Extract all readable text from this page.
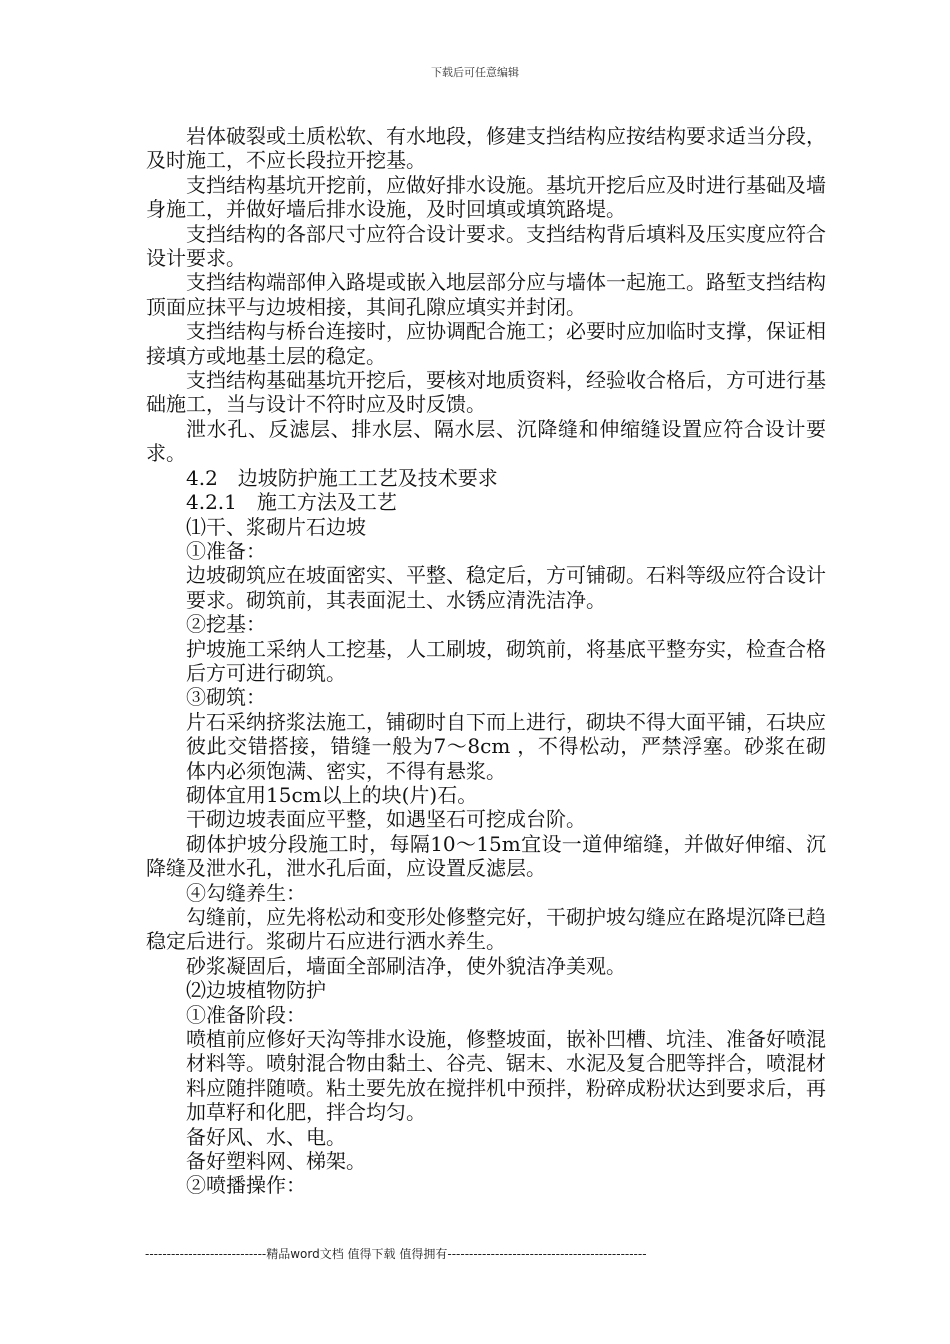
下载后可任意编辑

岩体破裂或土质松软、有水地段，修建支挡结构应按结构要求适当分段，及时施工，不应长段拉开挖基。

支挡结构基坑开挖前，应做好排水设施。基坑开挖后应及时进行基础及墙身施工，并做好墙后排水设施，及时回填或填筑路堤。

支挡结构的各部尺寸应符合设计要求。支挡结构背后填料及压实度应符合设计要求。

支挡结构端部伸入路堤或嵌入地层部分应与墙体一起施工。路堑支挡结构顶面应抹平与边坡相接，其间孔隙应填实并封闭。

支挡结构与桥台连接时，应协调配合施工；必要时应加临时支撑，保证相接填方或地基土层的稳定。

支挡结构基础基坑开挖后，要核对地质资料，经验收合格后，方可进行基础施工，当与设计不符时应及时反馈。

泄水孔、反滤层、排水层、隔水层、沉降缝和伸缩缝设置应符合设计要求。

4.2　边坡防护施工工艺及技术要求

4.2.1　施工方法及工艺

⑴干、浆砌片石边坡

①准备：

边坡砌筑应在坡面密实、平整、稳定后，方可铺砌。石料等级应符合设计要求。砌筑前，其表面泥土、水锈应清洗洁净。

②挖基：

护坡施工采纳人工挖基，人工刷坡，砌筑前，将基底平整夯实，检查合格后方可进行砌筑。

③砌筑：

片石采纳挤浆法施工，铺砌时自下而上进行，砌块不得大面平铺，石块应彼此交错搭接，错缝一般为7～8cm ，不得松动，严禁浮塞。砂浆在砌体内必须饱满、密实，不得有悬浆。

砌体宜用15cm以上的块(片)石。

干砌边坡表面应平整，如遇坚石可挖成台阶。

砌体护坡分段施工时，每隔10～15m宜设一道伸缩缝，并做好伸缩、沉降缝及泄水孔，泄水孔后面，应设置反滤层。

④勾缝养生：

勾缝前，应先将松动和变形处修整完好，干砌护坡勾缝应在路堤沉降已趋稳定后进行。浆砌片石应进行洒水养生。

砂浆凝固后，墙面全部刷洁净，使外貌洁净美观。

⑵边坡植物防护

①准备阶段：

喷植前应修好天沟等排水设施，修整坡面，嵌补凹槽、坑洼、准备好喷混材料等。喷射混合物由黏土、谷壳、锯末、水泥及复合肥等拌合，喷混材料应随拌随喷。粘土要先放在搅拌机中预拌，粉碎成粉状达到要求后，再加草籽和化肥，拌合均匀。

备好风、水、电。

备好塑料网、梯架。

②喷播操作：

----------------------------精品word文档 值得下载 值得拥有----------------------------------------------
